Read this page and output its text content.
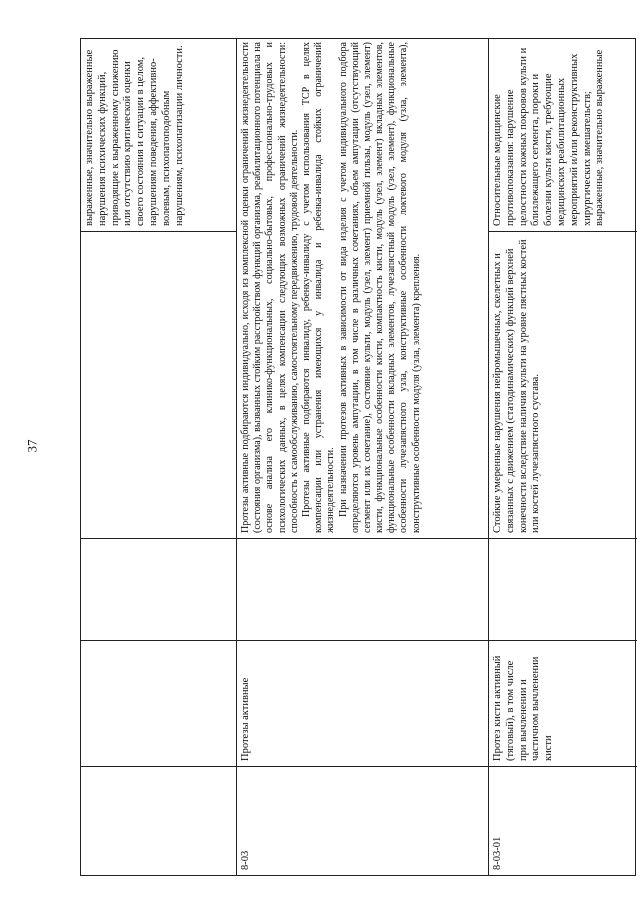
37

выраженные, значительно выраженные нарушения психических функций, приводящие к выраженному снижению или отсутствию критической оценки своего состояния и ситуации в целом, нарушениям поведения, аффективно-волевым, психопатоподобным нарушениям, психопатизации личности.

8-03
Протезы активные

Протезы активные подбираются индивидуально, исходя из комплексной оценки ограничений жизнедеятельности (состояния организма), вызванных стойким расстройством функций организма, реабилитационного потенциала на основе анализа его клинико-функциональных, социально-бытовых, профессионально-трудовых и психологических данных, в целях компенсации следующих возможных ограничений жизнедеятельности: способность к самообслуживанию, самостоятельному передвижению, трудовой деятельности. Протезы активные подбираются инвалиду, ребенку-инвалиду с учетом использования ТСР в целях компенсации или устранения имеющихся у инвалида и ребенка-инвалида стойких ограничений жизнедеятельности. При назначении протезов активных в зависимости от вида изделия с учетом индивидуального подбора определяются уровень ампутации, в том числе в различных сочетаниях, объем ампутации (отсутствующий сегмент или их сочетание), состояние культи, модуль (узел, элемент) приемной гильзы, модуль (узел, элемент) кисти, функциональные особенности кисти, компактность кисти, модуль (узел, элемент) вкладных элементов, функциональные особенности вкладных элементов, лучезапястный модуль (узел, элемент), функциональные особенности лучезапястного узла, конструктивные особенности локтевого модуля (узла, элемента), конструктивные особенности модуля (узла, элемента) крепления.

8-03-01
Протез кисти активный (тяговый), в том числе при вычленении и частичном вычленении кисти
Стойкие умеренные нарушения нейромышечных, скелетных и связанных с движением (статодинамических) функций верхней конечности вследствие наличия культи на уровне пястных костей или костей лучезапястного сустава.
Относительные медицинские противопоказания: нарушение целостности кожных покровов культи и близлежащего сегмента, пороки и болезни культи кисти, требующие медицинских реабилитационных мероприятий и/или реконструктивных хирургических вмешательств; выраженные, значительно выраженные
